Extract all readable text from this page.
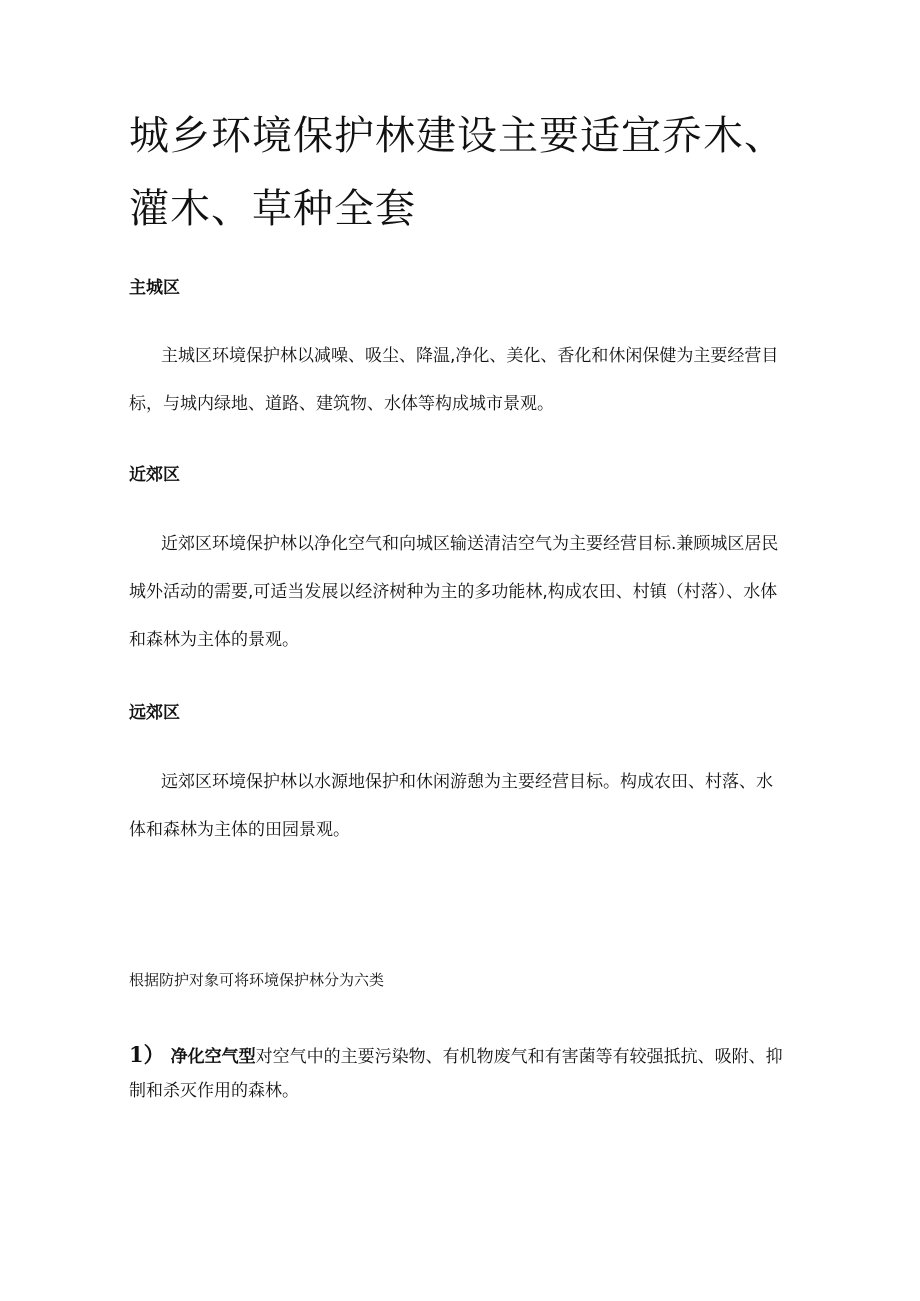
城乡环境保护林建设主要适宜乔木、灌木、草种全套
主城区

主城区环境保护林以减噪、吸尘、降温,净化、美化、香化和休闲保健为主要经营目标，与城内绿地、道路、建筑物、水体等构成城市景观。

近郊区

近郊区环境保护林以净化空气和向城区输送清洁空气为主要经营目标.兼顾城区居民城外活动的需要,可适当发展以经济树种为主的多功能林,构成农田、村镇（村落）、水体和森林为主体的景观。

远郊区

远郊区环境保护林以水源地保护和休闲游憩为主要经营目标。构成农田、村落、水体和森林为主体的田园景观。

根据防护对象可将环境保护林分为六类

1） 净化空气型对空气中的主要污染物、有机物废气和有害菌等有较强抵抗、吸附、抑制和杀灭作用的森林。
